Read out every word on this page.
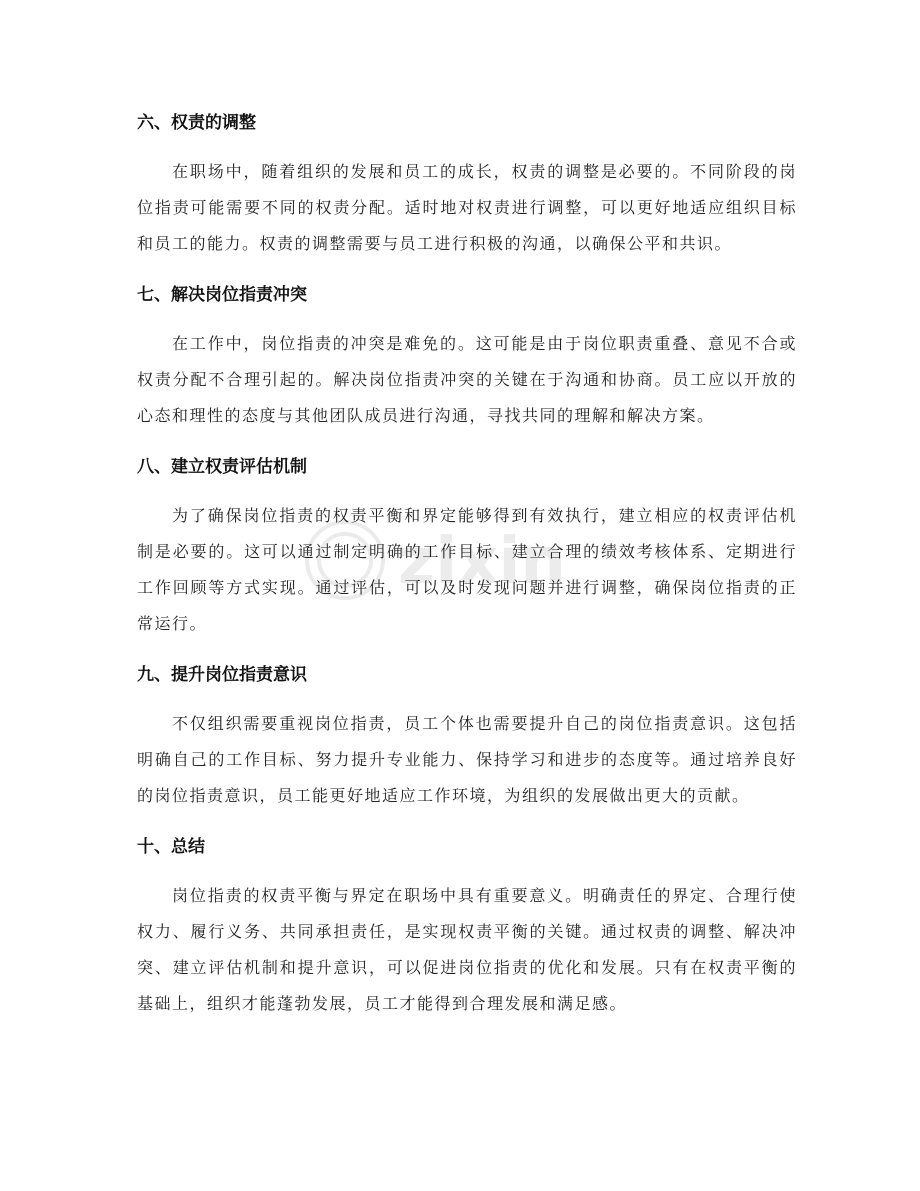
zixin
六、权责的调整

在职场中，随着组织的发展和员工的成长，权责的调整是必要的。不同阶段的岗位指责可能需要不同的权责分配。适时地对权责进行调整，可以更好地适应组织目标和员工的能力。权责的调整需要与员工进行积极的沟通，以确保公平和共识。

七、解决岗位指责冲突

在工作中，岗位指责的冲突是难免的。这可能是由于岗位职责重叠、意见不合或权责分配不合理引起的。解决岗位指责冲突的关键在于沟通和协商。员工应以开放的心态和理性的态度与其他团队成员进行沟通，寻找共同的理解和解决方案。

八、建立权责评估机制

为了确保岗位指责的权责平衡和界定能够得到有效执行，建立相应的权责评估机制是必要的。这可以通过制定明确的工作目标、建立合理的绩效考核体系、定期进行工作回顾等方式实现。通过评估，可以及时发现问题并进行调整，确保岗位指责的正常运行。

九、提升岗位指责意识

不仅组织需要重视岗位指责，员工个体也需要提升自己的岗位指责意识。这包括明确自己的工作目标、努力提升专业能力、保持学习和进步的态度等。通过培养良好的岗位指责意识，员工能更好地适应工作环境，为组织的发展做出更大的贡献。

十、总结

岗位指责的权责平衡与界定在职场中具有重要意义。明确责任的界定、合理行使权力、履行义务、共同承担责任，是实现权责平衡的关键。通过权责的调整、解决冲突、建立评估机制和提升意识，可以促进岗位指责的优化和发展。只有在权责平衡的基础上，组织才能蓬勃发展，员工才能得到合理发展和满足感。
